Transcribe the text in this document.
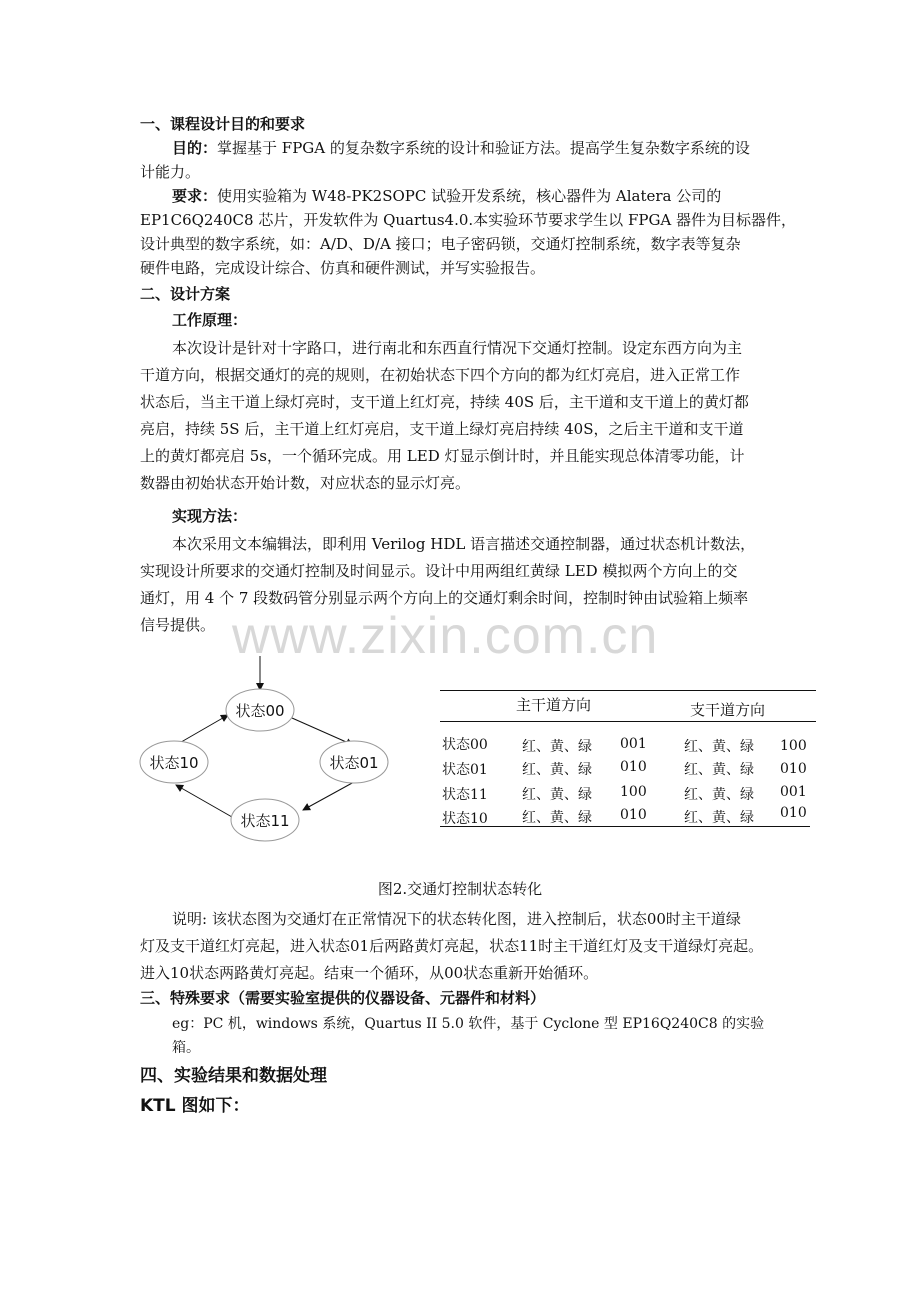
一、课程设计目的和要求
目的：掌握基于 FPGA 的复杂数字系统的设计和验证方法。提高学生复杂数字系统的设
计能力。
要求：使用实验箱为 W48-PK2SOPC 试验开发系统，核心器件为 Alatera 公司的
EP1C6Q240C8 芯片，开发软件为 Quartus4.0.本实验环节要求学生以 FPGA 器件为目标器件，
设计典型的数字系统，如：A/D、D/A 接口；电子密码锁，交通灯控制系统，数字表等复杂
硬件电路，完成设计综合、仿真和硬件测试，并写实验报告。
二、设计方案
工作原理：
本次设计是针对十字路口，进行南北和东西直行情况下交通灯控制。设定东西方向为主
干道方向，根据交通灯的亮的规则，在初始状态下四个方向的都为红灯亮启，进入正常工作
状态后，当主干道上绿灯亮时，支干道上红灯亮，持续 40S 后，主干道和支干道上的黄灯都
亮启，持续 5S 后，主干道上红灯亮启，支干道上绿灯亮启持续 40S，之后主干道和支干道
上的黄灯都亮启 5s，一个循环完成。用 LED 灯显示倒计时，并且能实现总体清零功能，计
数器由初始状态开始计数，对应状态的显示灯亮。
实现方法：
本次采用文本编辑法，即利用 Verilog HDL 语言描述交通控制器，通过状态机计数法，
实现设计所要求的交通灯控制及时间显示。设计中用两组红黄绿 LED 模拟两个方向上的交
通灯，用 4 个 7 段数码管分别显示两个方向上的交通灯剩余时间，控制时钟由试验箱上频率
信号提供。 www.zixin.com.cn
状态00
状态01
状态11
状态10
主干道方向	支干道方向
状态00 红、黄、绿 001	红、黄、绿 100
状态01 红、黄、绿 010	红、黄、绿 010
状态11 红、黄、绿 100	红、黄、绿 001
状态10 红、黄、绿 010	红、黄、绿 010
图2.交通灯控制状态转化
说明: 该状态图为交通灯在正常情况下的状态转化图，进入控制后，状态00时主干道绿
灯及支干道红灯亮起，进入状态01后两路黄灯亮起，状态11时主干道红灯及支干道绿灯亮起。
进入10状态两路黄灯亮起。结束一个循环，从00状态重新开始循环。
三、特殊要求（需要实验室提供的仪器设备、元器件和材料）
eg：PC 机，windows 系统，Quartus II 5.0 软件，基于 Cyclone 型 EP16Q240C8 的实验
箱。
四、实验结果和数据处理
KTL 图如下：
